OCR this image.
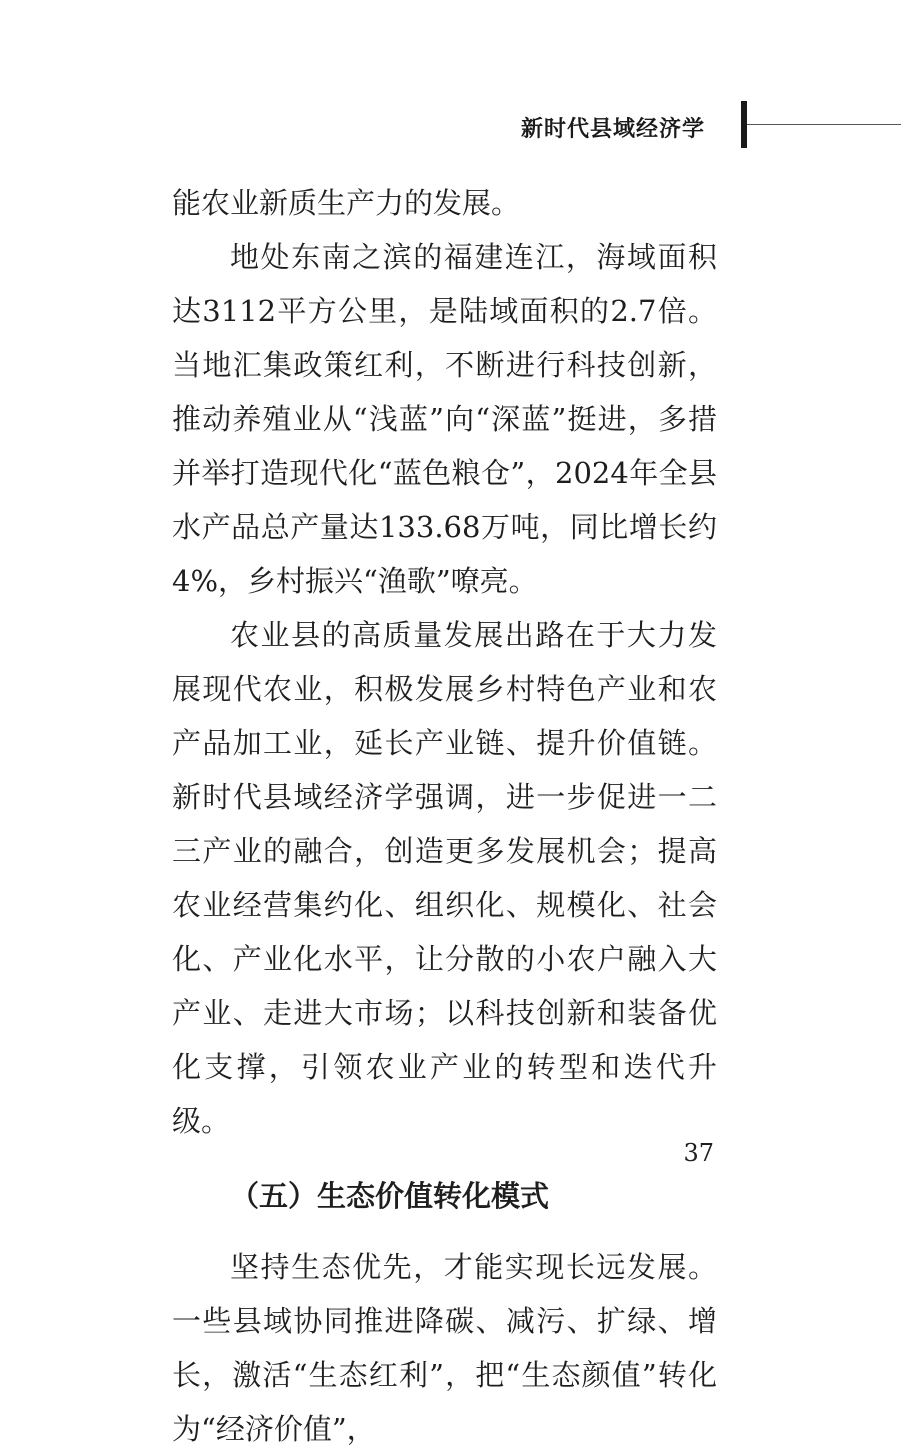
新时代县域经济学

能农业新质生产力的发展。

地处东南之滨的福建连江，海域面积达3112平方公里，是陆域面积的2.7倍。当地汇集政策红利，不断进行科技创新，推动养殖业从“浅蓝”向“深蓝”挺进，多措并举打造现代化“蓝色粮仓”，2024年全县水产品总产量达133.68万吨，同比增长约4%，乡村振兴“渔歌”嘹亮。

农业县的高质量发展出路在于大力发展现代农业，积极发展乡村特色产业和农产品加工业，延长产业链、提升价值链。新时代县域经济学强调，进一步促进一二三产业的融合，创造更多发展机会；提高农业经营集约化、组织化、规模化、社会化、产业化水平，让分散的小农户融入大产业、走进大市场；以科技创新和装备优化支撑，引领农业产业的转型和迭代升级。

（五）生态价值转化模式

坚持生态优先，才能实现长远发展。一些县域协同推进降碳、减污、扩绿、增长，激活“生态红利”，把“生态颜值”转化为“经济价值”，

37
